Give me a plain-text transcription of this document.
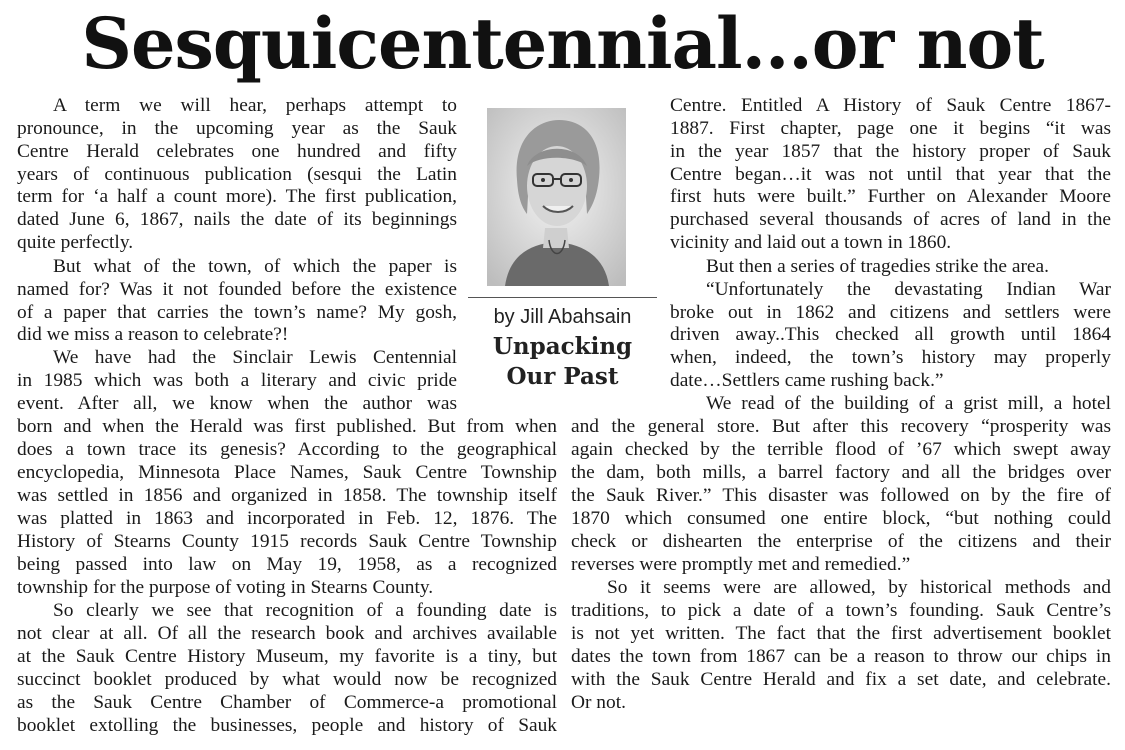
Sesquicentennial...or not
A term we will hear, perhaps attempt to
pronounce, in the upcoming year as the Sauk
Centre Herald celebrates one hundred and fifty
years of continuous publication (sesqui the Latin
term for ‘a half a count more). The first publication,
dated June 6, 1867, nails the date of its beginnings
quite perfectly.
But what of the town, of which the paper is
named for? Was it not founded before the existence
of a paper that carries the town’s name? My gosh,
did we miss a reason to celebrate?!
We have had the Sinclair Lewis Centennial
in 1985 which was both a literary and civic pride
event. After all, we know when the author was
born and when the Herald was first published. But from when
does a town trace its genesis? According to the geographical
encyclopedia, Minnesota Place Names, Sauk Centre Township
was settled in 1856 and organized in 1858. The township itself
was platted in 1863 and incorporated in Feb. 12, 1876. The
History of Stearns County 1915 records Sauk Centre Township
being passed into law on May 19, 1958, as a recognized
township for the purpose of voting in Stearns County.
So clearly we see that recognition of a founding date is
not clear at all. Of all the research book and archives available
at the Sauk Centre History Museum, my favorite is a tiny, but
succinct booklet produced by what would now be recognized
as the Sauk Centre Chamber of Commerce-a promotional
booklet extolling the businesses, people and history of Sauk
by Jill Abahsain
Unpacking
Our Past
Centre. Entitled A History of Sauk Centre 1867-
1887. First chapter, page one it begins “it was
in the year 1857 that the history proper of Sauk
Centre began…it was not until that year that the
first huts were built.” Further on Alexander Moore
purchased several thousands of acres of land in the
vicinity and laid out a town in 1860.
But then a series of tragedies strike the area.
“Unfortunately the devastating Indian War
broke out in 1862 and citizens and settlers were
driven away..This checked all growth until 1864
when, indeed, the town’s history may properly
date…Settlers came rushing back.”
We read of the building of a grist mill, a hotel
and the general store. But after this recovery “prosperity was
again checked by the terrible flood of ’67 which swept away
the dam, both mills, a barrel factory and all the bridges over
the Sauk River.” This disaster was followed on by the fire of
1870 which consumed one entire block, “but nothing could
check or dishearten the enterprise of the citizens and their
reverses were promptly met and remedied.”
So it seems were are allowed, by historical methods and
traditions, to pick a date of a town’s founding. Sauk Centre’s
is not yet written. The fact that the first advertisement booklet
dates the town from 1867 can be a reason to throw our chips in
with the Sauk Centre Herald and fix a set date, and celebrate.
Or not.
